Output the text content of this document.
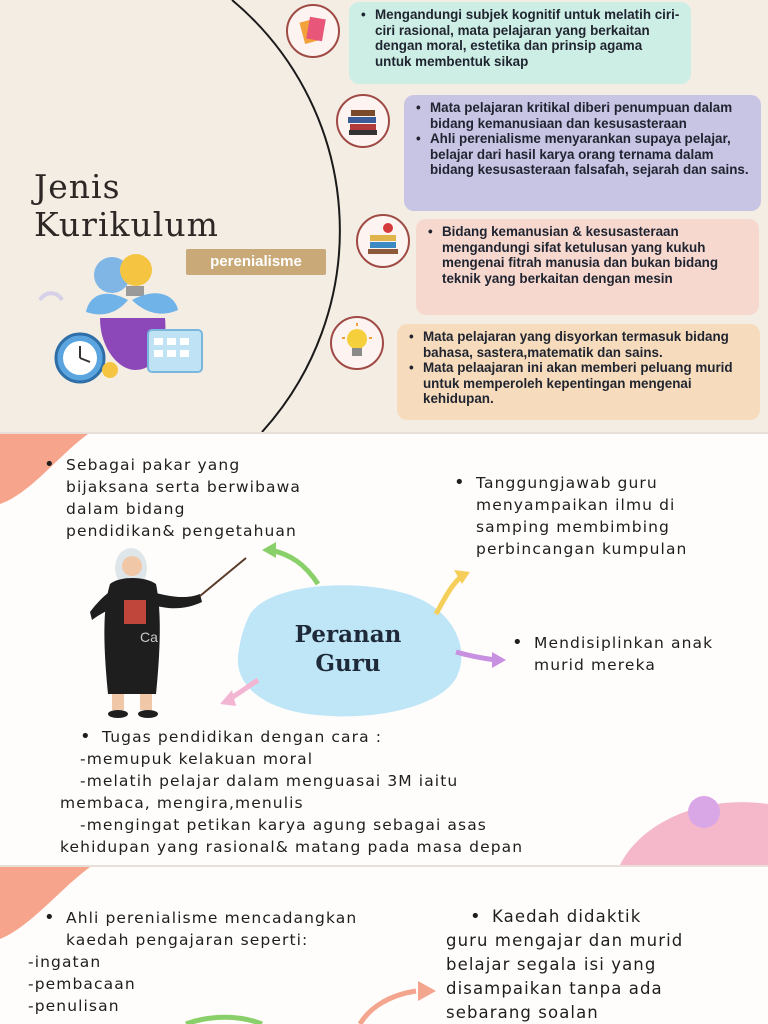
Jenis
Kurikulum
perenialisme

• Mengandungi subjek kognitif untuk melatih ciri-ciri rasional, mata pelajaran yang berkaitan dengan moral, estetika dan prinsip agama untuk membentuk sikap

• Mata pelajaran kritikal diberi penumpuan dalam bidang kemanusiaan dan kesusasteraan

• Ahli perenialisme menyarankan supaya pelajar, belajar dari hasil karya orang ternama dalam bidang kesusasteraan falsafah, sejarah dan sains.

• Bidang kemanusian & kesusasteraan mengandungi sifat ketulusan yang kukuh mengenai fitrah manusia dan bukan bidang teknik yang berkaitan dengan mesin

• Mata pelajaran yang disyorkan termasuk bidang bahasa, sastera,matematik dan sains.

• Mata pelaajaran ini akan memberi peluang murid untuk memperoleh kepentingan mengenai kehidupan.

Ca	Peranan
Guru

• Sebagai pakar yang

bijaksana serta berwibawa

dalam bidang

pendidikan& pengetahuan

• Tanggungjawab guru

menyampaikan ilmu di

samping membimbing

perbincangan kumpulan

• Mendisiplinkan anak

murid mereka

• Tugas pendidikan dengan cara :

-memupuk kelakuan moral

-melatih pelajar dalam menguasai 3M iaitu

membaca, mengira,menulis

-mengingat petikan karya agung sebagai asas

kehidupan yang rasional& matang pada masa depan

• Ahli perenialisme mencadangkan

kaedah pengajaran seperti:

-ingatan

-pembacaan

-penulisan

• Kaedah didaktik

guru mengajar dan murid

belajar segala isi yang

disampaikan tanpa ada

sebarang soalan
